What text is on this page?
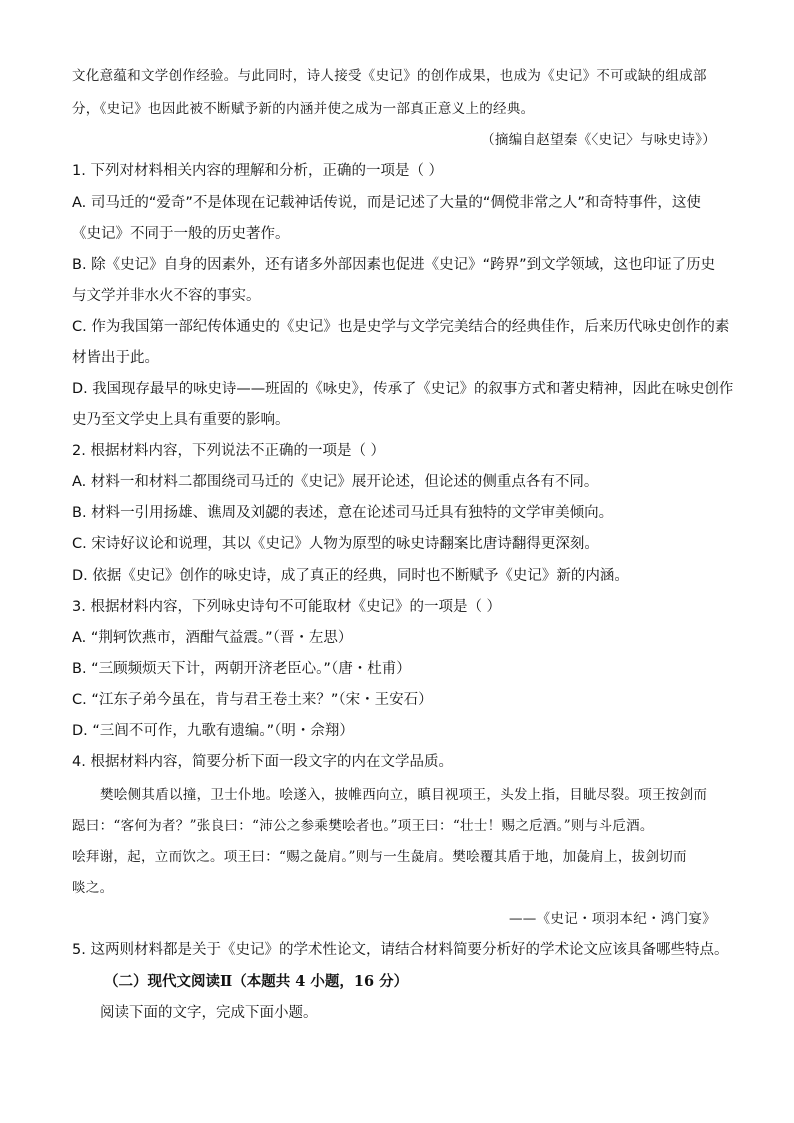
文化意蕴和文学创作经验。与此同时，诗人接受《史记》的创作成果，也成为《史记》不可或缺的组成部
分，《史记》也因此被不断赋予新的内涵并使之成为一部真正意义上的经典。
（摘编自赵望秦《〈史记〉与咏史诗》）
1. 下列对材料相关内容的理解和分析，正确的一项是（ ）
A. 司马迁的“爱奇”不是体现在记载神话传说，而是记述了大量的“倜傥非常之人”和奇特事件，这使
《史记》不同于一般的历史著作。
B. 除《史记》自身的因素外，还有诸多外部因素也促进《史记》“跨界”到文学领域，这也印证了历史
与文学并非水火不容的事实。
C. 作为我国第一部纪传体通史的《史记》也是史学与文学完美结合的经典佳作，后来历代咏史创作的素
材皆出于此。
D. 我国现存最早的咏史诗——班固的《咏史》，传承了《史记》的叙事方式和著史精神，因此在咏史创作
史乃至文学史上具有重要的影响。
2. 根据材料内容，下列说法不正确的一项是（ ）
A. 材料一和材料二都围绕司马迁的《史记》展开论述，但论述的侧重点各有不同。
B. 材料一引用扬雄、谯周及刘勰的表述，意在论述司马迁具有独特的文学审美倾向。
C. 宋诗好议论和说理，其以《史记》人物为原型的咏史诗翻案比唐诗翻得更深刻。
D. 依据《史记》创作的咏史诗，成了真正的经典，同时也不断赋予《史记》新的内涵。
3. 根据材料内容，下列咏史诗句不可能取材《史记》的一项是（ ）
A. “荆轲饮燕市，酒酣气益震。”（晋・左思）
B. “三顾频烦天下计，两朝开济老臣心。”（唐・杜甫）
C. “江东子弟今虽在，肯与君王卷土来？”（宋・王安石）
D. “三闾不可作，九歌有遗编。”（明・佘翔）
4. 根据材料内容，简要分析下面一段文字的内在文学品质。
樊哙侧其盾以撞，卫士仆地。哙遂入，披帷西向立，瞋目视项王，头发上指，目眦尽裂。项王按剑而
跽曰：“客何为者？”张良曰：“沛公之参乘樊哙者也。”项王曰：“壮士！赐之卮酒。”则与斗卮酒。
哙拜谢，起，立而饮之。项王曰：“赐之彘肩。”则与一生彘肩。樊哙覆其盾于地，加彘肩上，拔剑切而
啖之。
——《史记・项羽本纪・鸿门宴》
5. 这两则材料都是关于《史记》的学术性论文，请结合材料简要分析好的学术论文应该具备哪些特点。
（二）现代文阅读Ⅱ（本题共 4 小题，16 分）
阅读下面的文字，完成下面小题。
